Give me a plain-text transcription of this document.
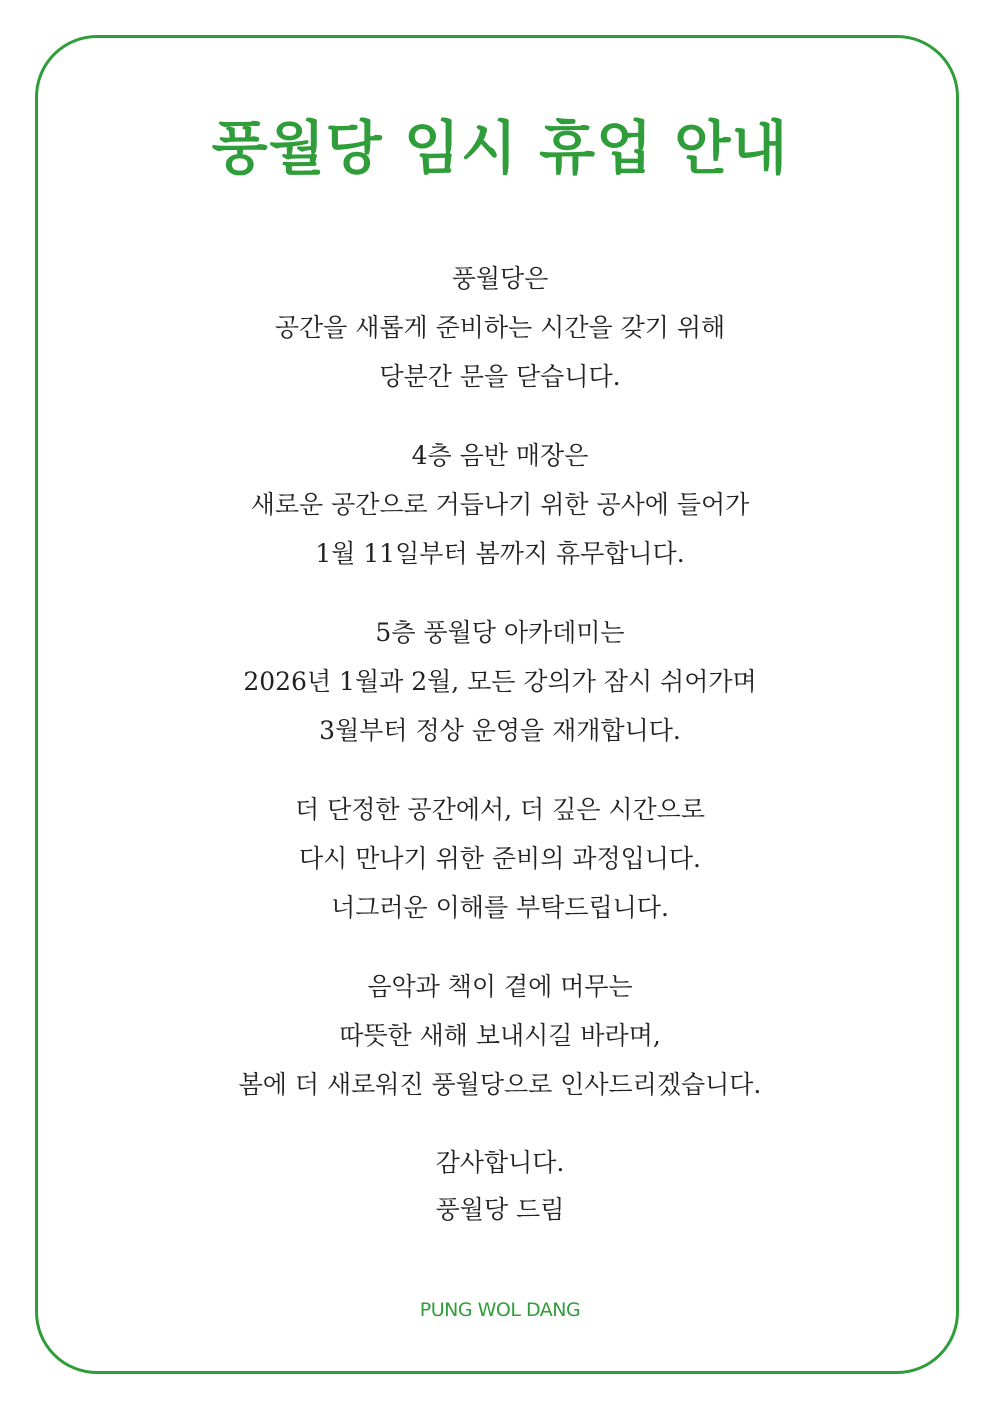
풍월당 임시 휴업 안내

풍월당은
공간을 새롭게 준비하는 시간을 갖기 위해
당분간 문을 닫습니다.

4층 음반 매장은
새로운 공간으로 거듭나기 위한 공사에 들어가
1월 11일부터 봄까지 휴무합니다.

5층 풍월당 아카데미는
2026년 1월과 2월, 모든 강의가 잠시 쉬어가며
3월부터 정상 운영을 재개합니다.

더 단정한 공간에서, 더 깊은 시간으로
다시 만나기 위한 준비의 과정입니다.
너그러운 이해를 부탁드립니다.

음악과 책이 곁에 머무는
따뜻한 새해 보내시길 바라며,
봄에 더 새로워진 풍월당으로 인사드리겠습니다.

감사합니다.
풍월당 드림

PUNG WOL DANG
